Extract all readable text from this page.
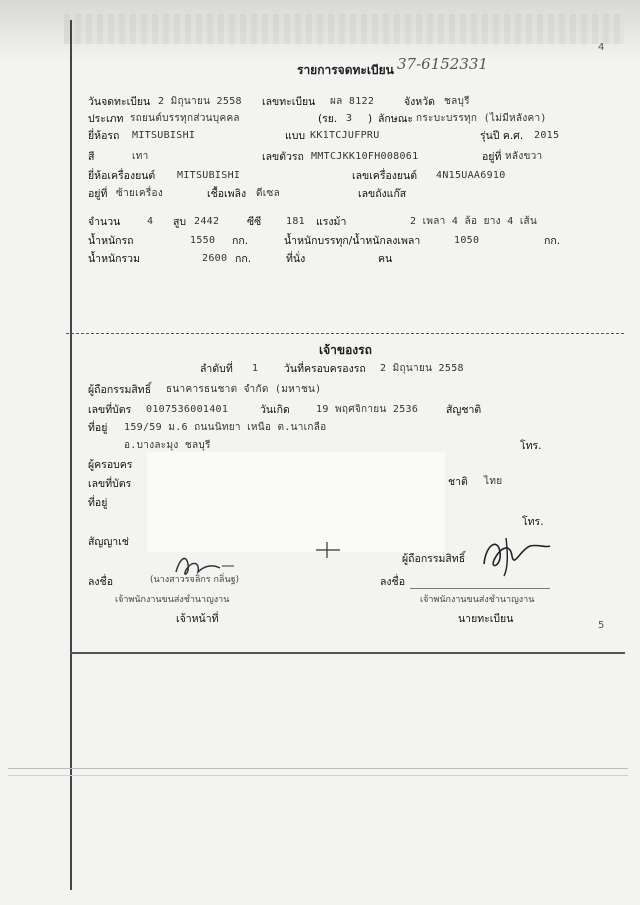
4
รายการจดทะเบียน 37-6152331
วันจดทะเบียน 2 มิถุนายน 2558 เลขทะเบียน ผล 8122	จังหวัด ชลบุรี
ประเภท รถยนต์บรรทุกส่วนบุคคล	(รย. 3 ) ลักษณะ กระบะบรรทุก (ไม่มีหลังคา)
ยี่ห้อรถ MITSUBISHI	แบบ KK1TCJUFPRU	รุ่นปี ค.ศ. 2015
สี	เทา	เลขตัวรถ MMTCJKK10FH008061	อยู่ที่ หลังขวา
ยี่ห้อเครื่องยนต์ MITSUBISHI	เลขเครื่องยนต์ 4N15UAA6910
อยู่ที่ ซ้ายเครื่อง	เชื้อเพลิง ดีเซล	เลขถังแก๊ส
จำนวน	4 สูบ 2442	ซีซี 181 แรงม้า	2 เพลา 4 ล้อ ยาง 4 เส้น
น้ำหนักรถ	1550 กก.	น้ำหนักบรรทุก/น้ำหนักลงเพลา	1050	กก.
น้ำหนักรวม	2600 กก.	ที่นั่ง	คน
เจ้าของรถ
ลำดับที่ 1 วันที่ครอบครองรถ 2 มิถุนายน 2558
ผู้ถือกรรมสิทธิ์ ธนาคารธนชาต จำกัด (มหาชน)
เลขที่บัตร 0107536001401	วันเกิด	19 พฤศจิกายน 2536	สัญชาติ
ที่อยู่ 159/59 ม.6 ถนนนิทยา เหนือ ต.นาเกลือ
อ.บางละมุง ชลบุรี	โทร.
ผู้ครอบคร
เลขที่บัตร	ชาติ ไทย
ที่อยู่
โทร.
สัญญาเช่
ผู้ถือกรรมสิทธิ์
ลงชื่อ	(นางสาวรจลิกร กลิ่นฐ)	ลงชื่อ
เจ้าพนักงานขนส่งชำนาญงาน	เจ้าพนักงานขนส่งชำนาญงาน
เจ้าหน้าที่	นายทะเบียน
5
